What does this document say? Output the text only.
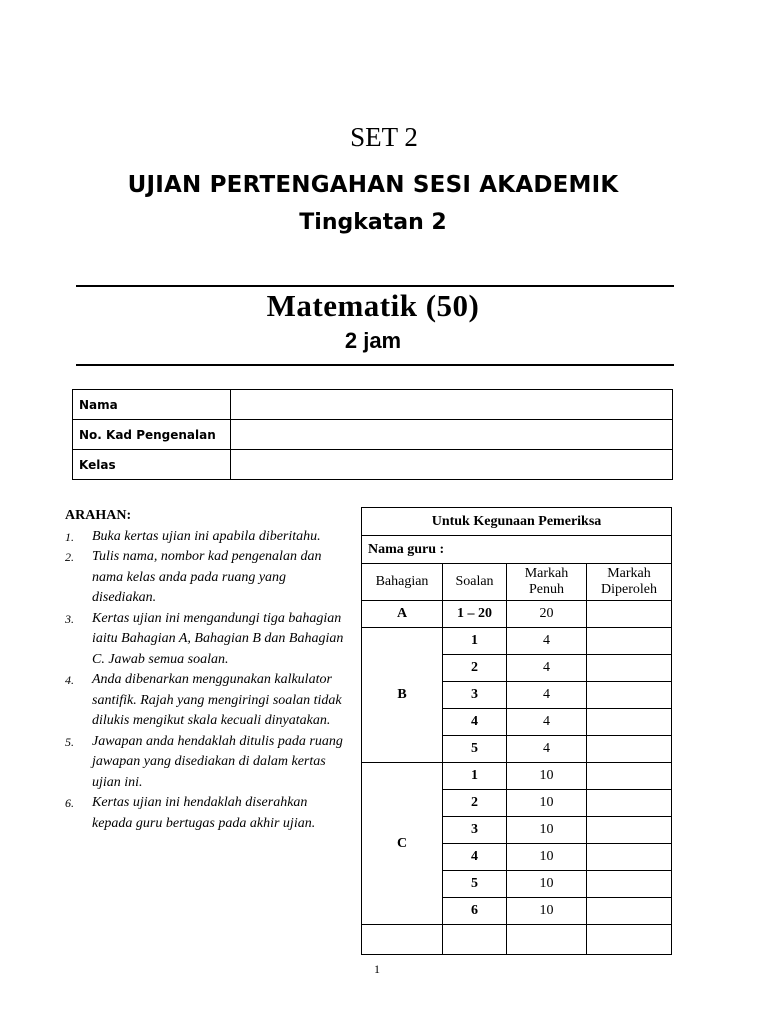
SET 2
UJIAN PERTENGAHAN SESI AKADEMIK
Tingkatan 2
Matematik (50)
2 jam
Nama	
No. Kad Pengenalan	
Kelas	
ARAHAN:
1. Buka kertas ujian ini apabila diberitahu.
2. Tulis nama, nombor kad pengenalan dan nama kelas anda pada ruang yang disediakan.
3. Kertas ujian ini mengandungi tiga bahagian iaitu Bahagian A, Bahagian B dan Bahagian C. Jawab semua soalan.
4. Anda dibenarkan menggunakan kalkulator santifik. Rajah yang mengiringi soalan tidak dilukis mengikut skala kecuali dinyatakan.
5. Jawapan anda hendaklah ditulis pada ruang jawapan yang disediakan di dalam kertas ujian ini.
6. Kertas ujian ini hendaklah diserahkan kepada guru bertugas pada akhir ujian.
Untuk Kegunaan Pemeriksa			
Nama guru :			
Bahagian	Soalan	Markah Penuh	Markah Diperoleh
A	1 – 20	20	
B	1	4	
	2	4	
	3	4	
	4	4	
	5	4	
C	1	10	
	2	10	
	3	10	
	4	10	
	5	10	
	6	10	

1
